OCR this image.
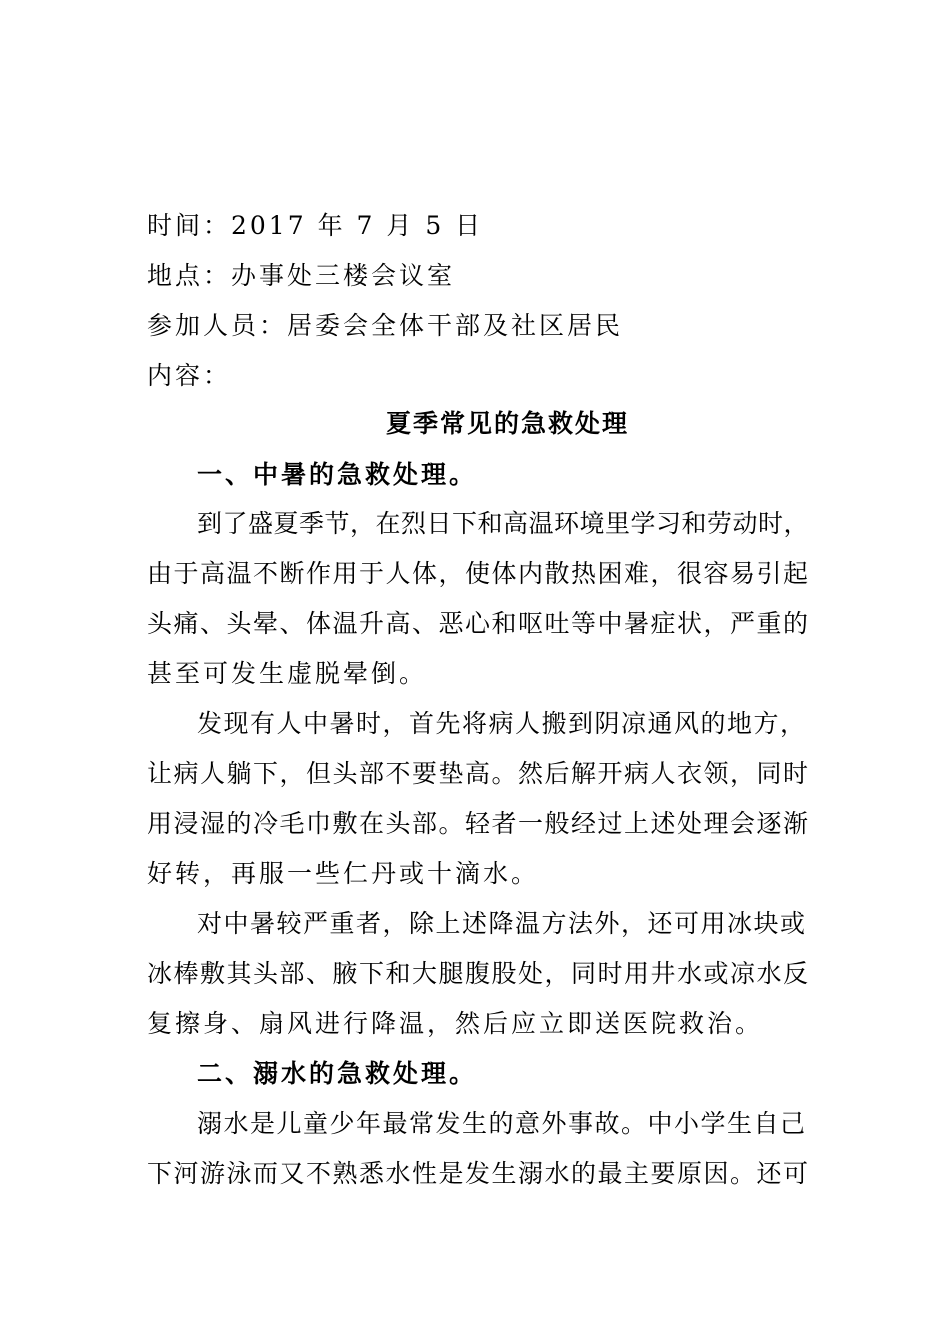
时间：2017 年 7 月 5 日
地点：办事处三楼会议室
参加人员：居委会全体干部及社区居民
内容：
夏季常见的急救处理
一、中暑的急救处理。
到了盛夏季节，在烈日下和高温环境里学习和劳动时，
由于高温不断作用于人体，使体内散热困难，很容易引起
头痛、头晕、体温升高、恶心和呕吐等中暑症状，严重的
甚至可发生虚脱晕倒。
发现有人中暑时，首先将病人搬到阴凉通风的地方，
让病人躺下，但头部不要垫高。然后解开病人衣领，同时
用浸湿的冷毛巾敷在头部。轻者一般经过上述处理会逐渐
好转，再服一些仁丹或十滴水。
对中暑较严重者，除上述降温方法外，还可用冰块或
冰棒敷其头部、腋下和大腿腹股处，同时用井水或凉水反
复擦身、扇风进行降温，然后应立即送医院救治。
二、溺水的急救处理。
溺水是儿童少年最常发生的意外事故。中小学生自己
下河游泳而又不熟悉水性是发生溺水的最主要原因。还可
